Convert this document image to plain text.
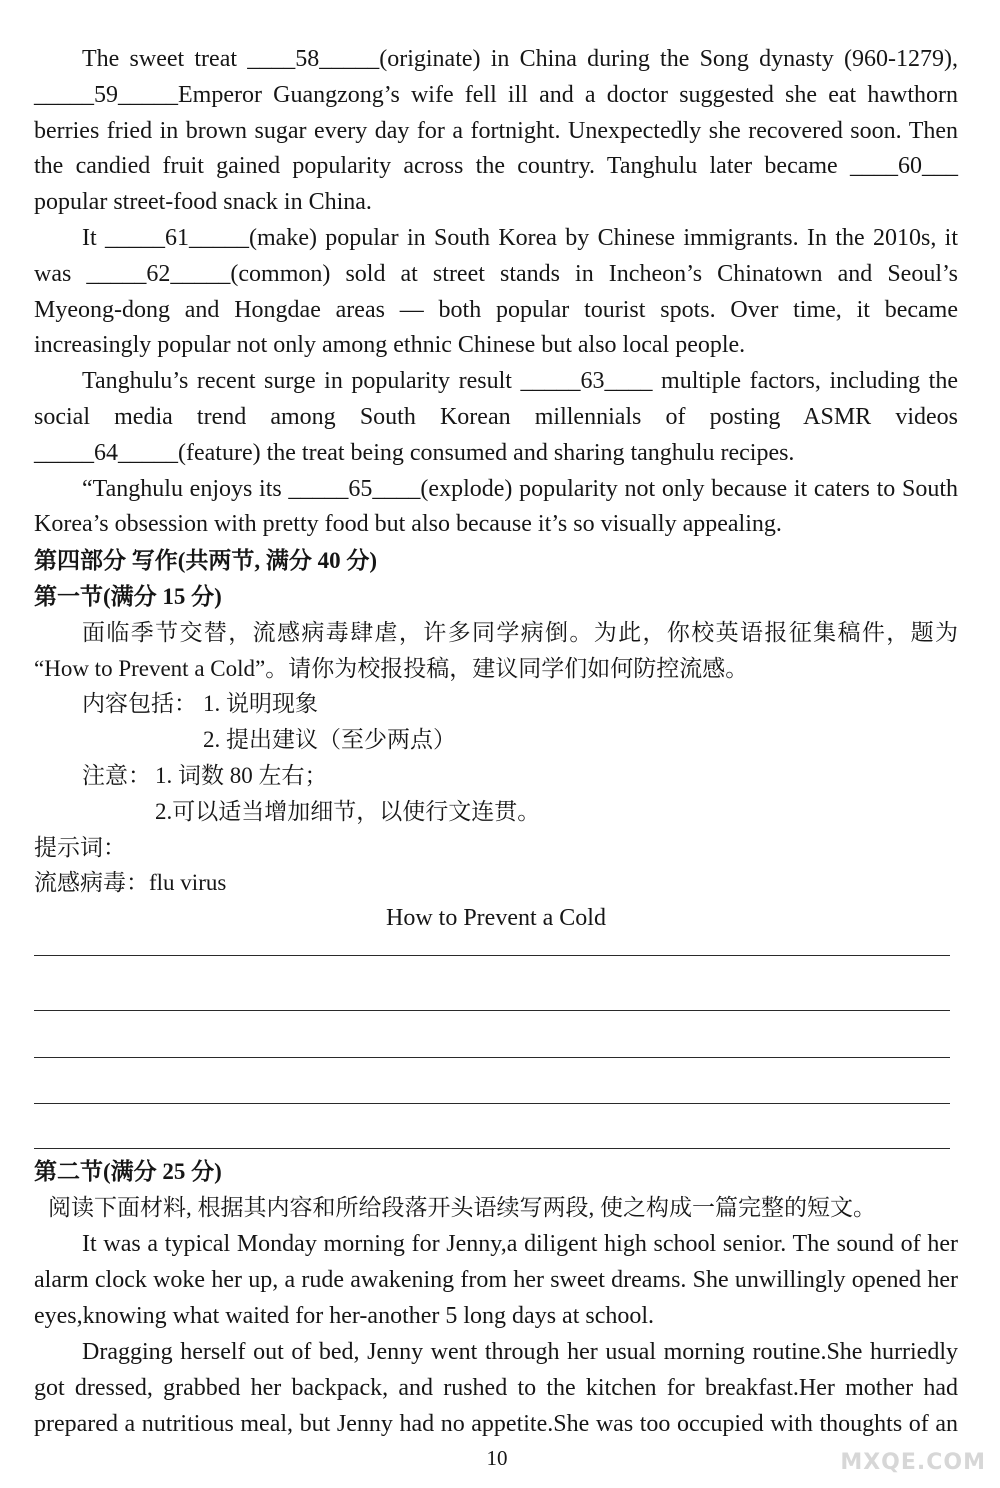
The sweet treat ____58_____(originate) in China during the Song dynasty (960-1279),
_____59_____Emperor Guangzong’s wife fell ill and a doctor suggested she eat hawthorn
berries fried in brown sugar every day for a fortnight. Unexpectedly she recovered soon. Then
the candied fruit gained popularity across the country. Tanghulu later became ____60___
popular street-food snack in China.
It _____61_____(make) popular in South Korea by Chinese immigrants. In the 2010s, it
was _____62_____(common) sold at street stands in Incheon’s Chinatown and Seoul’s
Myeong-dong and Hongdae areas — both popular tourist spots. Over time, it became
increasingly popular not only among ethnic Chinese but also local people.
Tanghulu’s recent surge in popularity result _____63____ multiple factors, including the
social media trend among South Korean millennials of posting ASMR videos
_____64_____(feature) the treat being consumed and sharing tanghulu recipes.
“Tanghulu enjoys its _____65____(explode) popularity not only because it caters to South
Korea’s obsession with pretty food but also because it’s so visually appealing.
第四部分 写作(共两节, 满分 40 分)
第一节(满分 15 分)
面临季节交替，流感病毒肆虐，许多同学病倒。为此，你校英语报征集稿件，题为
“How to Prevent a Cold”。请你为校报投稿，建议同学们如何防控流感。
内容包括： 1. 说明现象
2. 提出建议（至少两点）
注意： 1. 词数 80 左右；
2.可以适当增加细节，以使行文连贯。
提示词：
流感病毒：flu virus
How to Prevent a Cold
第二节(满分 25 分)
阅读下面材料, 根据其内容和所给段落开头语续写两段, 使之构成一篇完整的短文。
It was a typical Monday morning for Jenny,a diligent high school senior. The sound of her
alarm clock woke her up, a rude awakening from her sweet dreams. She unwillingly opened her
eyes,knowing what waited for her-another 5 long days at school.
Dragging herself out of bed, Jenny went through her usual morning routine.She hurriedly
got dressed, grabbed her backpack, and rushed to the kitchen for breakfast.Her mother had
prepared a nutritious meal, but Jenny had no appetite.She was too occupied with thoughts of an
10	MXQE.COM
